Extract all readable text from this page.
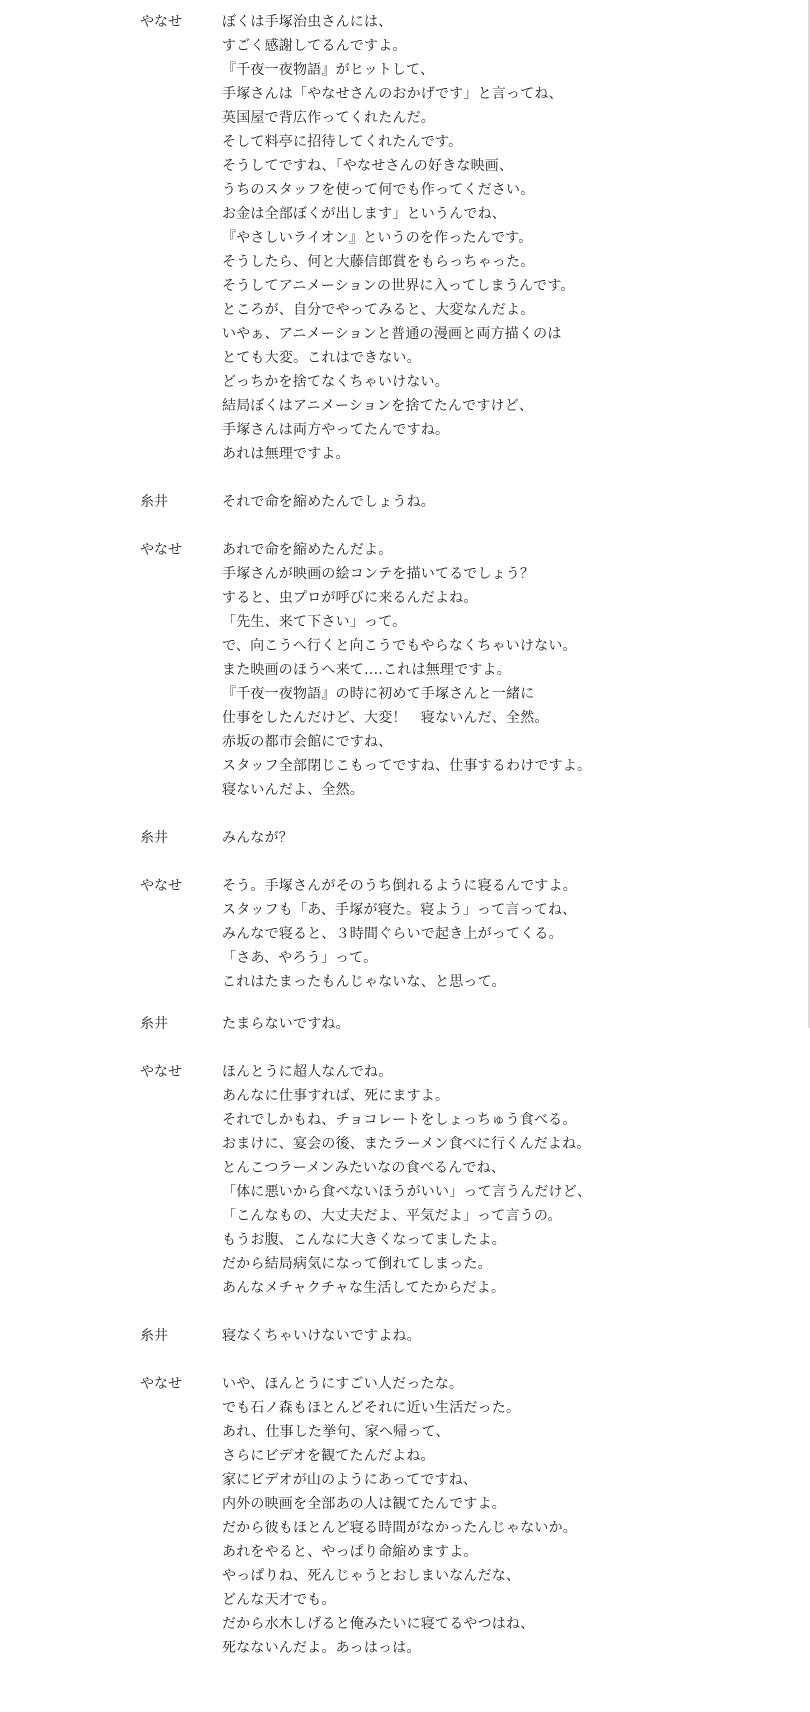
やなせ	ぼくは手塚治虫さんには、
すごく感謝してるんですよ。
『千夜一夜物語』がヒットして、
手塚さんは「やなせさんのおかげです」と言ってね、
英国屋で背広作ってくれたんだ。
そして料亭に招待してくれたんです。
そうしてですね、「やなせさんの好きな映画、
うちのスタッフを使って何でも作ってください。
お金は全部ぼくが出します」というんでね、
『やさしいライオン』というのを作ったんです。
そうしたら、何と大藤信郎賞をもらっちゃった。
そうしてアニメーションの世界に入ってしまうんです。
ところが、自分でやってみると、大変なんだよ。
いやぁ、アニメーションと普通の漫画と両方描くのは
とても大変。これはできない。
どっちかを捨てなくちゃいけない。
結局ぼくはアニメーションを捨てたんですけど、
手塚さんは両方やってたんですね。
あれは無理ですよ。
糸井	それで命を縮めたんでしょうね。
やなせ	あれで命を縮めたんだよ。
手塚さんが映画の絵コンテを描いてるでしょう？
すると、虫プロが呼びに来るんだよね。
「先生、来て下さい」って。
で、向こうへ行くと向こうでもやらなくちゃいけない。
また映画のほうへ来て‥‥これは無理ですよ。
『千夜一夜物語』の時に初めて手塚さんと一緒に
仕事をしたんだけど、大変！　寝ないんだ、全然。
赤坂の都市会館にですね、
スタッフ全部閉じこもってですね、仕事するわけですよ。
寝ないんだよ、全然。
糸井	みんなが？
やなせ	そう。手塚さんがそのうち倒れるように寝るんですよ。
スタッフも「あ、手塚が寝た。寝よう」って言ってね、
みんなで寝ると、３時間ぐらいで起き上がってくる。
「さあ、やろう」って。
これはたまったもんじゃないな、と思って。
糸井	たまらないですね。
やなせ	ほんとうに超人なんでね。
あんなに仕事すれば、死にますよ。
それでしかもね、チョコレートをしょっちゅう食べる。
おまけに、宴会の後、またラーメン食べに行くんだよね。
とんこつラーメンみたいなの食べるんでね、
「体に悪いから食べないほうがいい」って言うんだけど、
「こんなもの、大丈夫だよ、平気だよ」って言うの。
もうお腹、こんなに大きくなってましたよ。
だから結局病気になって倒れてしまった。
あんなメチャクチャな生活してたからだよ。
糸井	寝なくちゃいけないですよね。
やなせ	いや、ほんとうにすごい人だったな。
でも石ノ森もほとんどそれに近い生活だった。
あれ、仕事した挙句、家へ帰って、
さらにビデオを観てたんだよね。
家にビデオが山のようにあってですね、
内外の映画を全部あの人は観てたんですよ。
だから彼もほとんど寝る時間がなかったんじゃないか。
あれをやると、やっぱり命縮めますよ。
やっぱりね、死んじゃうとおしまいなんだな、
どんな天才でも。
だから水木しげると俺みたいに寝てるやつはね、
死なないんだよ。あっはっは。
